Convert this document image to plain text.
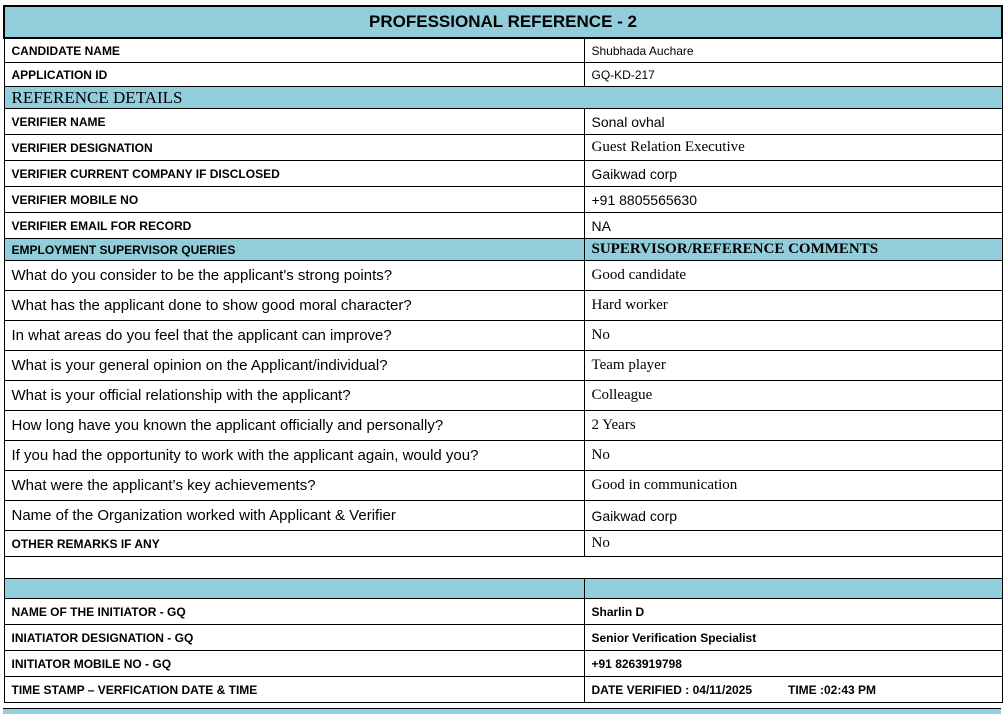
PROFESSIONAL REFERENCE - 2	
CANDIDATE NAME	Shubhada Auchare
APPLICATION ID	GQ-KD-217
REFERENCE DETAILS	
VERIFIER NAME	Sonal ovhal
VERIFIER DESIGNATION	Guest Relation Executive
VERIFIER CURRENT COMPANY IF DISCLOSED	Gaikwad corp
VERIFIER MOBILE NO	+91 8805565630
VERIFIER EMAIL FOR RECORD	NA
EMPLOYMENT SUPERVISOR QUERIES	SUPERVISOR/REFERENCE COMMENTS
What do you consider to be the applicant's strong points?	Good candidate
What has the applicant done to show good moral character?	Hard worker
In what areas do you feel that the applicant can improve?	No
What is your general opinion on the Applicant/individual?	Team player
What is your official relationship with the applicant?	Colleague
How long have you known the applicant officially and personally?	2 Years
If you had the opportunity to work with the applicant again, would you?	No
What were the applicant’s key achievements?	Good in communication
Name of the Organization worked with Applicant & Verifier	Gaikwad corp
OTHER REMARKS IF ANY	No

NAME OF THE INITIATOR - GQ	Sharlin D
INIATIATOR DESIGNATION - GQ	Senior Verification Specialist
INITIATOR MOBILE NO - GQ	+91 8263919798
TIME STAMP – VERFICATION DATE & TIME	DATE VERIFIED : 04/11/2025 TIME :02:43 PM
